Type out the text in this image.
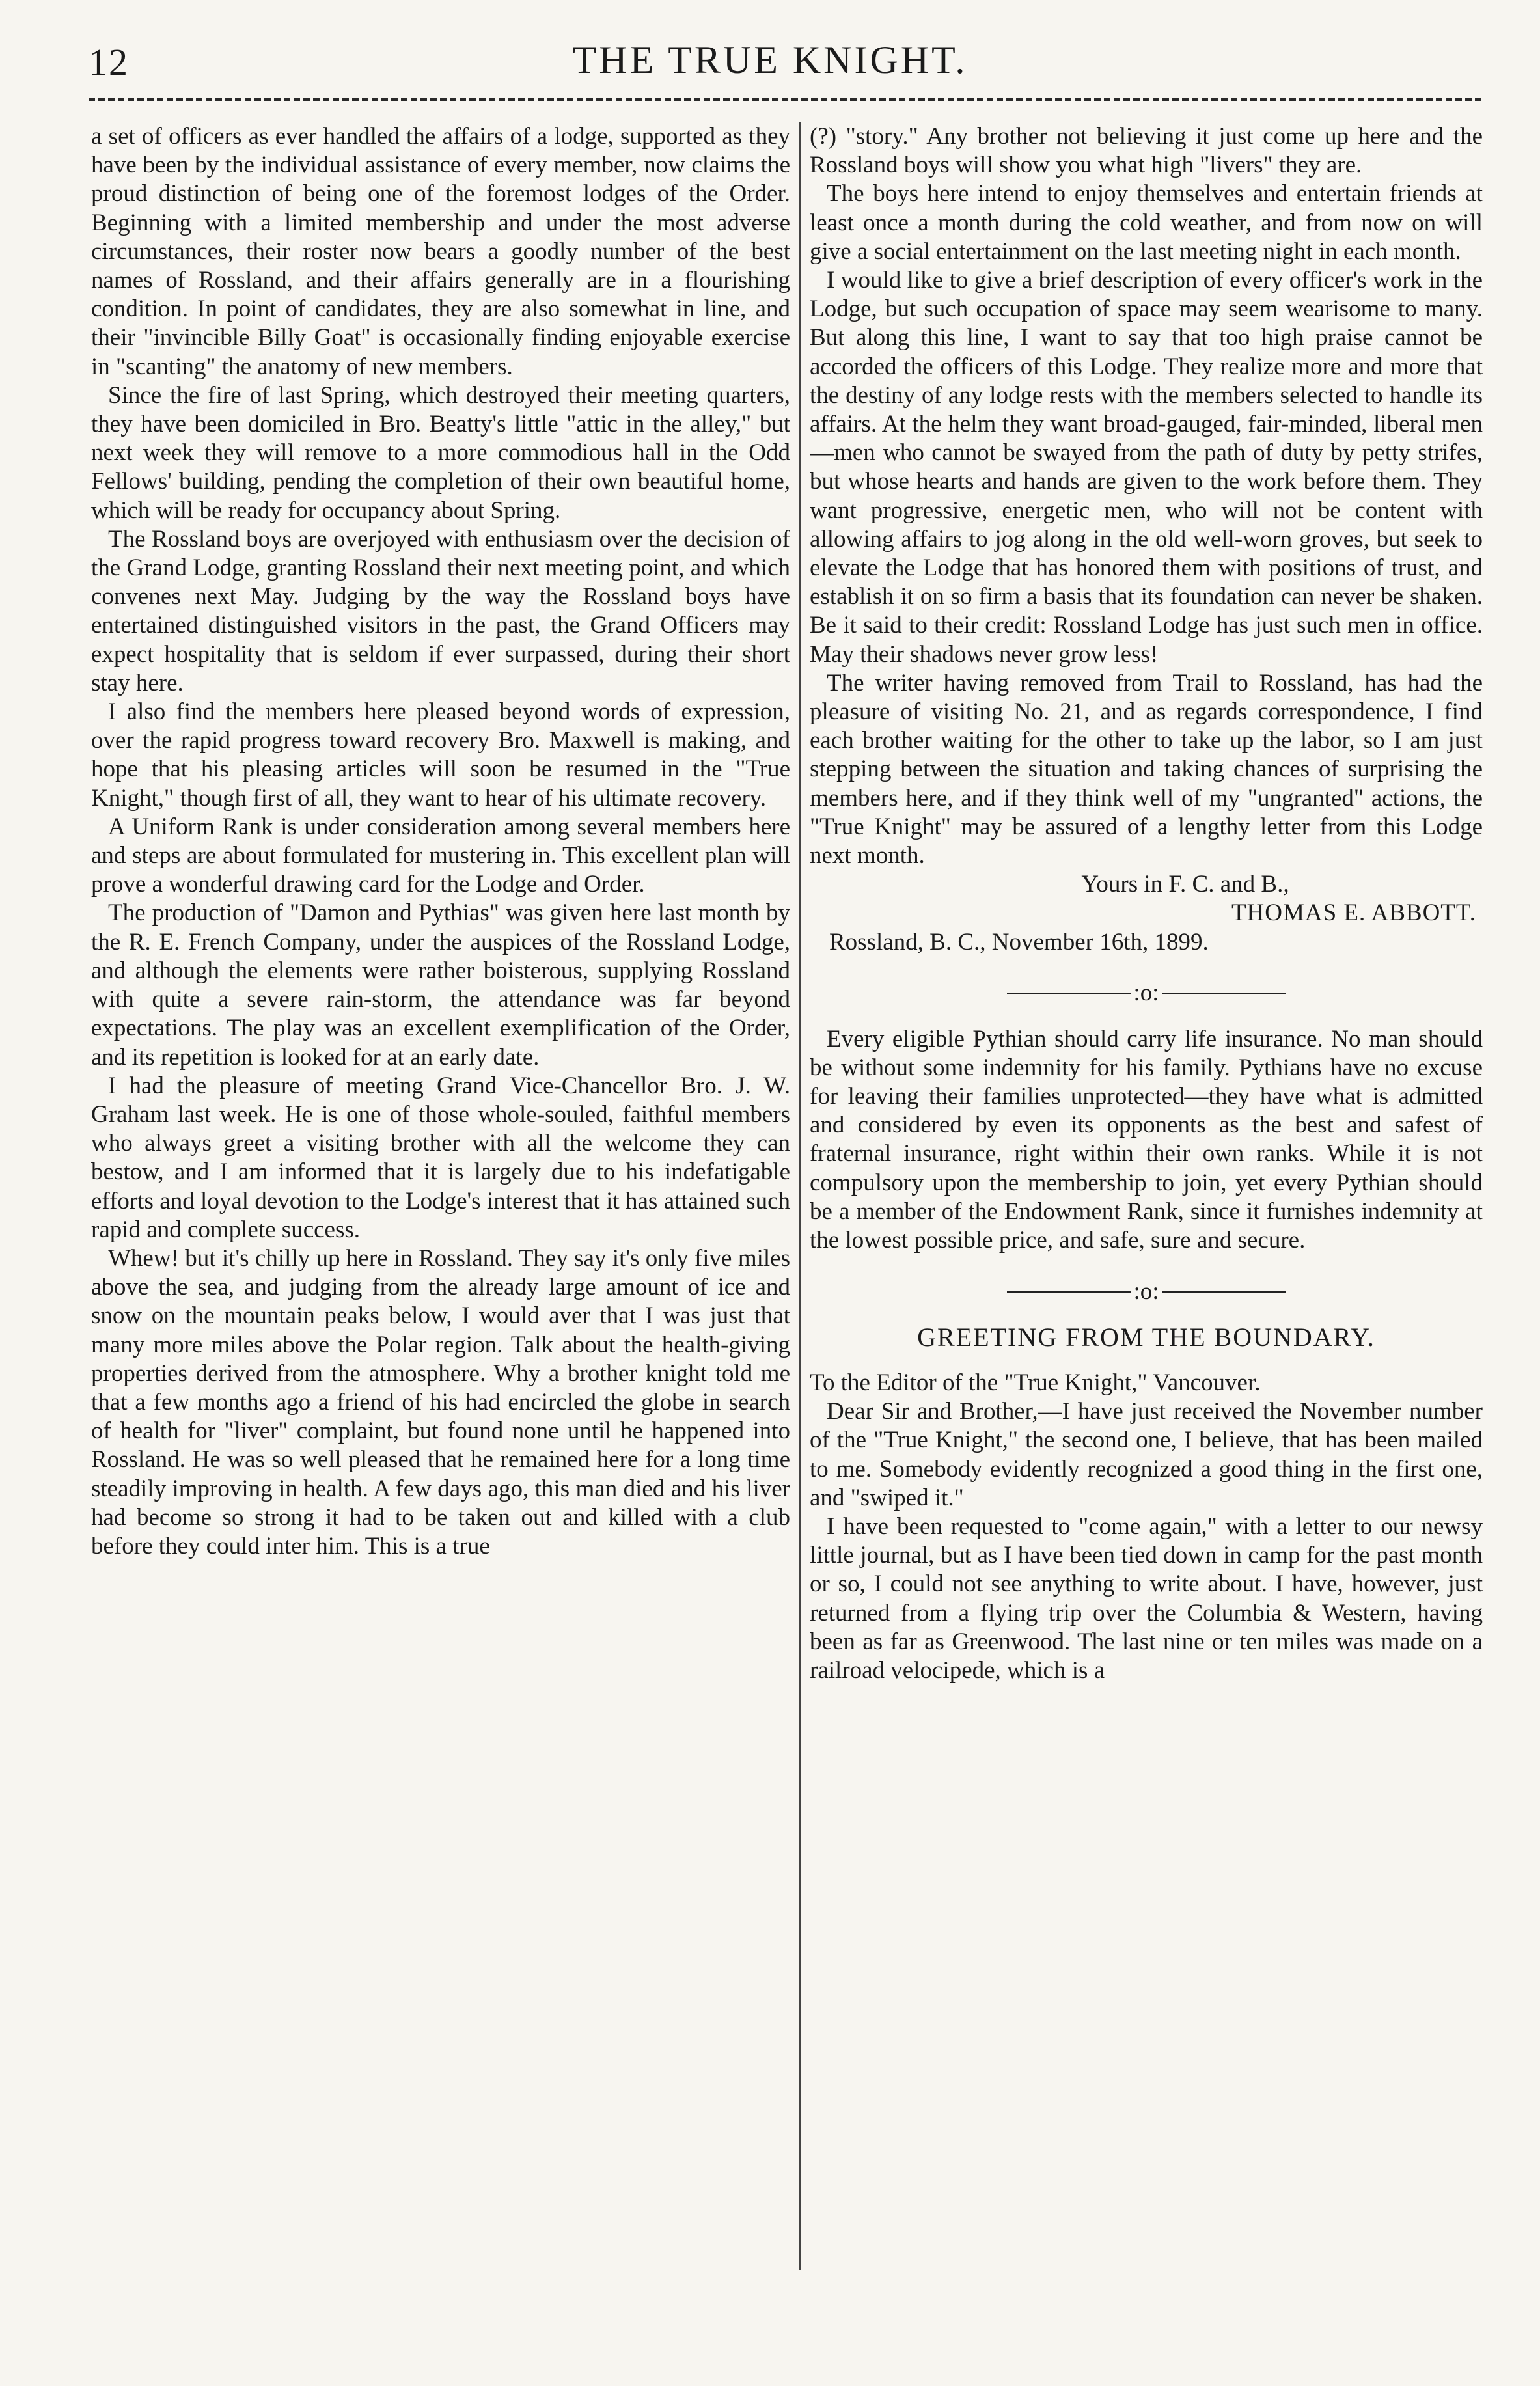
12	THE TRUE KNIGHT.

a set of officers as ever handled the affairs of a lodge, supported as they have been by the individual assistance of every member, now claims the proud distinction of being one of the foremost lodges of the Order. Beginning with a limited membership and under the most adverse circumstances, their roster now bears a goodly number of the best names of Rossland, and their affairs generally are in a flourishing condition. In point of candidates, they are also somewhat in line, and their "invincible Billy Goat" is occasionally finding enjoyable exercise in "scanting" the anatomy of new members.

Since the fire of last Spring, which destroyed their meeting quarters, they have been domiciled in Bro. Beatty's little "attic in the alley," but next week they will remove to a more commodious hall in the Odd Fellows' building, pending the completion of their own beautiful home, which will be ready for occupancy about Spring.

The Rossland boys are overjoyed with enthusiasm over the decision of the Grand Lodge, granting Rossland their next meeting point, and which convenes next May. Judging by the way the Rossland boys have entertained distinguished visitors in the past, the Grand Officers may expect hospitality that is seldom if ever surpassed, during their short stay here.

I also find the members here pleased beyond words of expression, over the rapid progress toward recovery Bro. Maxwell is making, and hope that his pleasing articles will soon be resumed in the "True Knight," though first of all, they want to hear of his ultimate recovery.

A Uniform Rank is under consideration among several members here and steps are about formulated for mustering in. This excellent plan will prove a wonderful drawing card for the Lodge and Order.

The production of "Damon and Pythias" was given here last month by the R. E. French Company, under the auspices of the Rossland Lodge, and although the elements were rather boisterous, supplying Rossland with quite a severe rain-storm, the attendance was far beyond expectations. The play was an excellent exemplification of the Order, and its repetition is looked for at an early date.

I had the pleasure of meeting Grand Vice-Chancellor Bro. J. W. Graham last week. He is one of those whole-souled, faithful members who always greet a visiting brother with all the welcome they can bestow, and I am informed that it is largely due to his indefatigable efforts and loyal devotion to the Lodge's interest that it has attained such rapid and complete success.

Whew! but it's chilly up here in Rossland. They say it's only five miles above the sea, and judging from the already large amount of ice and snow on the mountain peaks below, I would aver that I was just that many more miles above the Polar region. Talk about the health-giving properties derived from the atmosphere. Why a brother knight told me that a few months ago a friend of his had encircled the globe in search of health for "liver" complaint, but found none until he happened into Rossland. He was so well pleased that he remained here for a long time steadily improving in health. A few days ago, this man died and his liver had become so strong it had to be taken out and killed with a club before they could inter him. This is a true

(?) "story." Any brother not believing it just come up here and the Rossland boys will show you what high "livers" they are.

The boys here intend to enjoy themselves and entertain friends at least once a month during the cold weather, and from now on will give a social entertainment on the last meeting night in each month.

I would like to give a brief description of every officer's work in the Lodge, but such occupation of space may seem wearisome to many. But along this line, I want to say that too high praise cannot be accorded the officers of this Lodge. They realize more and more that the destiny of any lodge rests with the members selected to handle its affairs. At the helm they want broad-gauged, fair-minded, liberal men—men who cannot be swayed from the path of duty by petty strifes, but whose hearts and hands are given to the work before them. They want progressive, energetic men, who will not be content with allowing affairs to jog along in the old well-worn groves, but seek to elevate the Lodge that has honored them with positions of trust, and establish it on so firm a basis that its foundation can never be shaken. Be it said to their credit: Rossland Lodge has just such men in office. May their shadows never grow less!

The writer having removed from Trail to Rossland, has had the pleasure of visiting No. 21, and as regards correspondence, I find each brother waiting for the other to take up the labor, so I am just stepping between the situation and taking chances of surprising the members here, and if they think well of my "ungranted" actions, the "True Knight" may be assured of a lengthy letter from this Lodge next month.

Yours in F. C. and B.,

THOMAS E. ABBOTT.

Rossland, B. C., November 16th, 1899.

:o:

Every eligible Pythian should carry life insurance. No man should be without some indemnity for his family. Pythians have no excuse for leaving their families unprotected—they have what is admitted and considered by even its opponents as the best and safest of fraternal insurance, right within their own ranks. While it is not compulsory upon the membership to join, yet every Pythian should be a member of the Endowment Rank, since it furnishes indemnity at the lowest possible price, and safe, sure and secure.

:o:

GREETING FROM THE BOUNDARY.

To the Editor of the "True Knight," Vancouver.

Dear Sir and Brother,—I have just received the November number of the "True Knight," the second one, I believe, that has been mailed to me. Somebody evidently recognized a good thing in the first one, and "swiped it."

I have been requested to "come again," with a letter to our newsy little journal, but as I have been tied down in camp for the past month or so, I could not see anything to write about. I have, however, just returned from a flying trip over the Columbia & Western, having been as far as Greenwood. The last nine or ten miles was made on a railroad velocipede, which is a
